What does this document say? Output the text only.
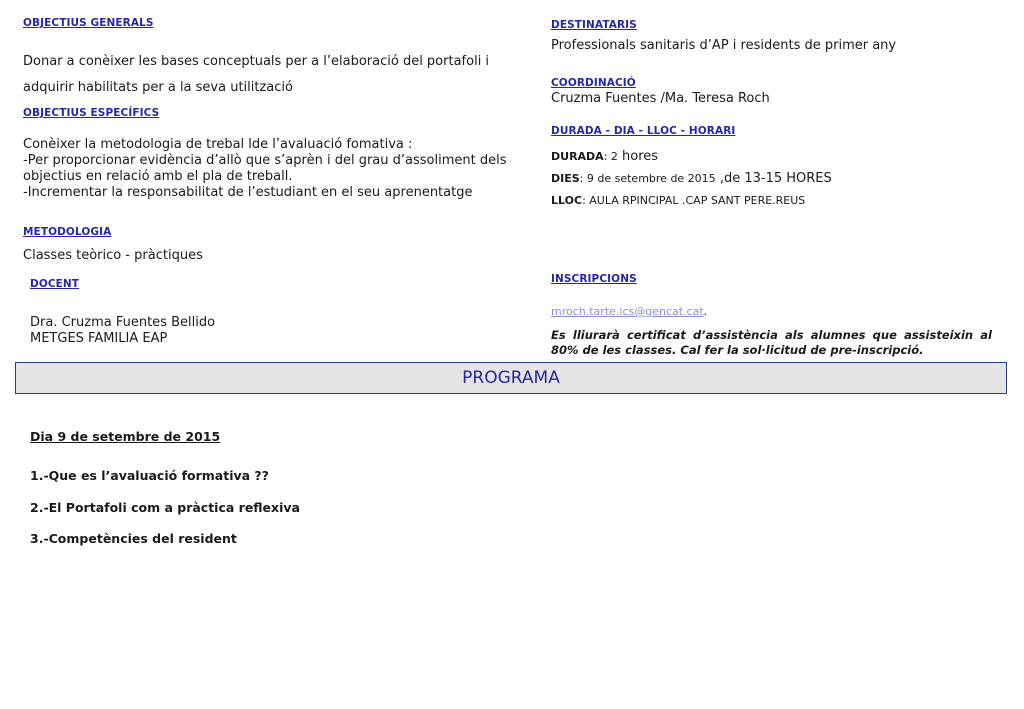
OBJECTIUS GENERALS
Donar a conèixer les bases conceptuals per a l’elaboració del portafoli i
adquirir habilitats per a la seva utilització
OBJECTIUS ESPECÍFICS
Conèixer la metodologia de trebal lde l’avaluació fomativa :
-Per proporcionar evidència d’allò que s’aprèn i del grau d’assoliment dels
objectius en relació amb el pla de treball.
-Incrementar la responsabilitat de l’estudiant en el seu aprenentatge
METODOLOGIA
Classes teòrico - pràctiques
DOCENT
Dra. Cruzma Fuentes Bellido
METGES FAMILIA EAP
DESTINATARIS
Professionals sanitaris d’AP i residents de primer any
COORDINACIÓ
Cruzma Fuentes /Ma. Teresa Roch
DURADA - DIA - LLOC - HORARI
DURADA: 2 hores
DIES: 9 de setembre de 2015 ,de 13-15 HORES
LLOC: AULA RPINCIPAL .CAP SANT PERE.REUS
INSCRIPCIONS
mroch.tarte.ics@gencat.cat.
Es lliurarà certificat d’assistència als alumnes que assisteixin al 80% de les classes. Cal fer la sol·licitud de pre-inscripció.
PROGRAMA
Dia 9 de setembre de 2015
1.-Que es l’avaluació formativa ??
2.-El Portafoli com a pràctica reflexiva
3.-Competències del resident
